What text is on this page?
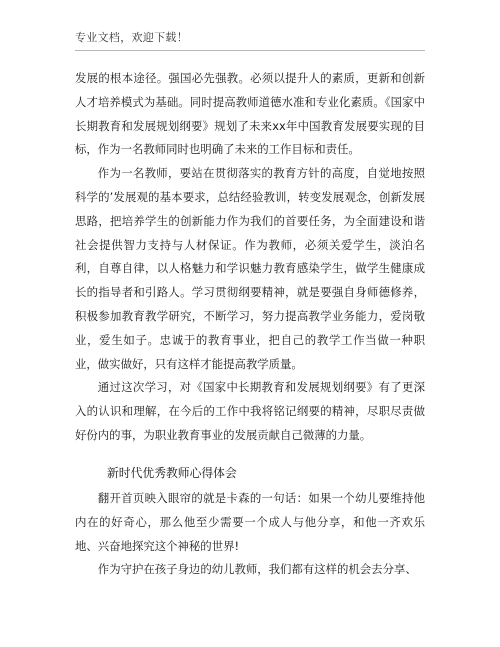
专业文档，欢迎下载！

发展的根本途径。强国必先强教。必须以提升人的素质，更新和创新人才培养模式为基础。同时提高教师道德水准和专业化素质。《国家中长期教育和发展规划纲要》规划了未来xx年中国教育发展要实现的目标，作为一名教师同时也明确了未来的工作目标和责任。

作为一名教师，要站在贯彻落实的教育方针的高度，自觉地按照科学的’发展观的基本要求，总结经验教训，转变发展观念，创新发展思路，把培养学生的创新能力作为我们的首要任务，为全面建设和谐社会提供智力支持与人材保证。作为教师，必须关爱学生，淡泊名利，自尊自律，以人格魅力和学识魅力教育感染学生，做学生健康成长的指导者和引路人。学习贯彻纲要精神，就是要强自身师德修养，积极参加教育教学研究，不断学习，努力提高教学业务能力，爱岗敬业，爱生如子。忠诚于的教育事业，把自己的教学工作当做一种职业，做实做好，只有这样才能提高教学质量。

通过这次学习，对《国家中长期教育和发展规划纲要》有了更深入的认识和理解，在今后的工作中我将铭记纲要的精神，尽职尽责做好份内的事，为职业教育事业的发展贡献自己微薄的力量。

新时代优秀教师心得体会

翻开首页映入眼帘的就是卡森的一句话：如果一个幼儿要维持他内在的好奇心，那么他至少需要一个成人与他分享，和他一齐欢乐地、兴奋地探究这个神秘的世界!

作为守护在孩子身边的幼儿教师，我们都有这样的机会去分享、
